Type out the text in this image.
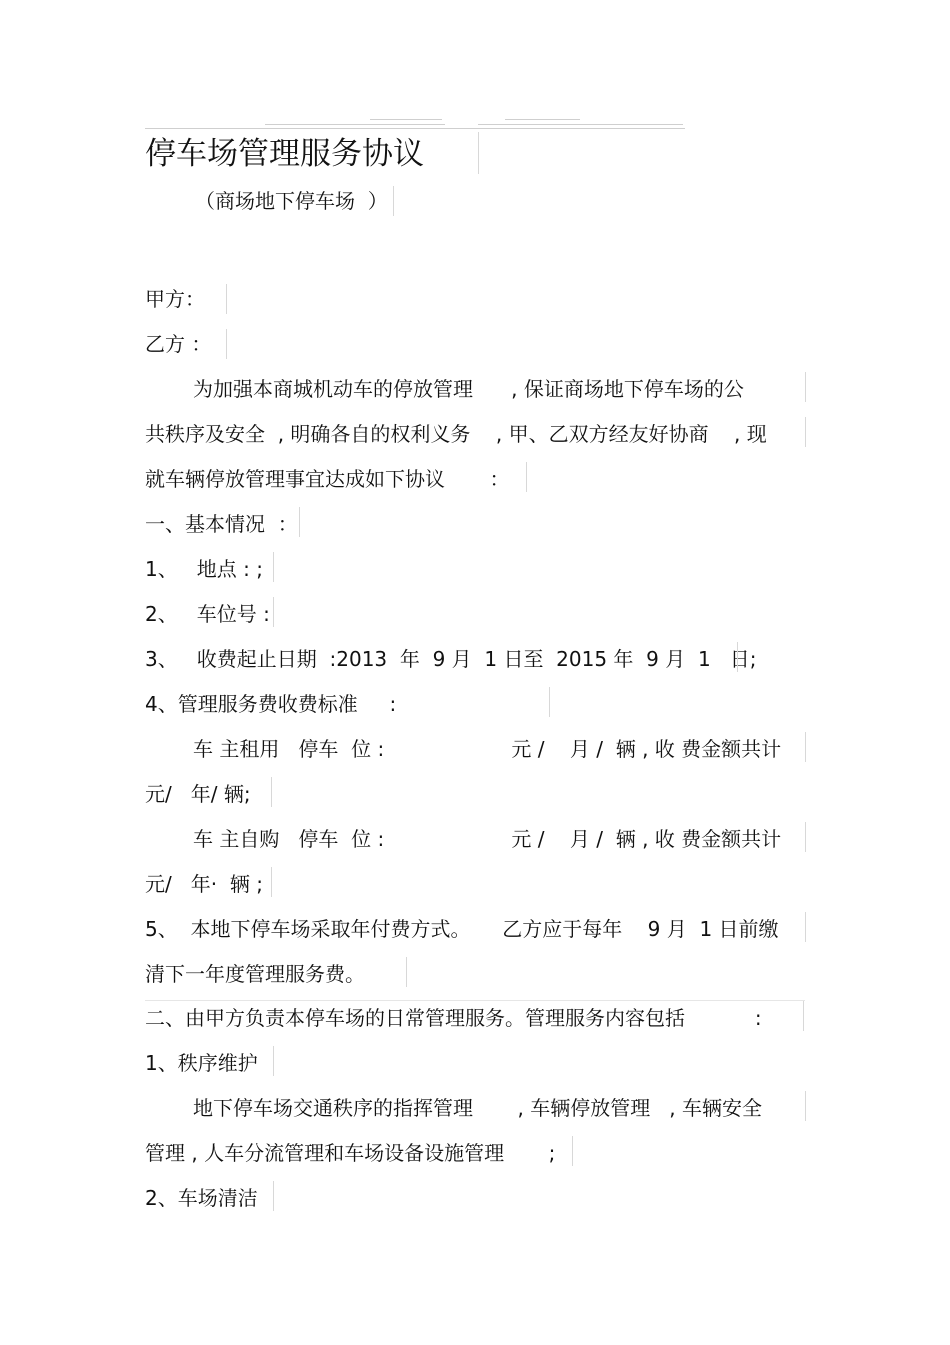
停车场管理服务协议
（商场地下停车场  ）
甲方：
乙方 ：
为加强本商城机动车的停放管理      , 保证商场地下停车场的公
共秩序及安全  , 明确各自的权利义务    , 甲、乙双方经友好协商    , 现
就车辆停放管理事宜达成如下协议       ：
一、基本情况  ：
1、   地点 : ;
2、   车位号 :
3、   收费起止日期  :2013  年  9 月  1 日至  2015 年  9 月  1   日;
4、管理服务费收费标准     :
车 主租用   停车  位 :                    元 /    月 /  辆 , 收 费金额共计
元/   年/ 辆;
车 主自购   停车  位 :                    元 /    月 /  辆 , 收 费金额共计
元/   年·  辆 ;
5、  本地下停车场采取年付费方式。     乙方应于每年    9 月  1 日前缴
清下一年度管理服务费。
二、由甲方负责本停车场的日常管理服务。管理服务内容包括           :
1、秩序维护
地下停车场交通秩序的指挥管理       , 车辆停放管理   , 车辆安全
管理 , 人车分流管理和车场设备设施管理       ;
2、车场清洁
